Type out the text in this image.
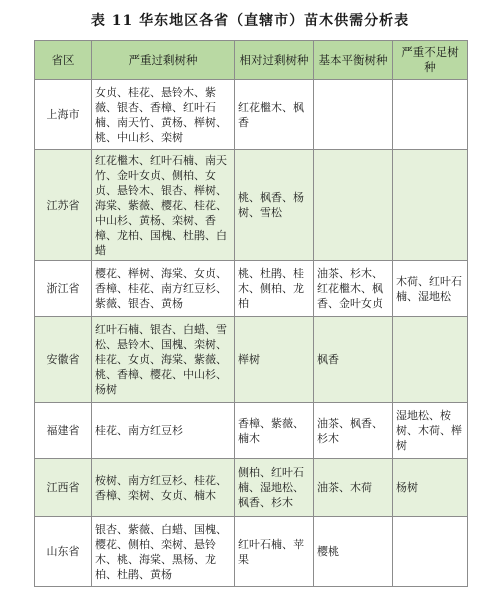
表 11 华东地区各省（直辖市）苗木供需分析表
省区	严重过剩树种	相对过剩树种	基本平衡树种	严重不足树种
上海市	女贞、桂花、悬铃木、紫薇、银杏、香樟、红叶石楠、南天竹、黄杨、榉树、桃、中山杉、栾树	红花檵木、枫香		
江苏省	红花檵木、红叶石楠、南天竹、金叶女贞、侧柏、女贞、悬铃木、银杏、榉树、海棠、紫薇、樱花、桂花、中山杉、黄杨、栾树、香樟、龙柏、国槐、杜鹃、白蜡	桃、枫香、杨树、雪松		
浙江省	樱花、榉树、海棠、女贞、香樟、桂花、南方红豆杉、紫薇、银杏、黄杨	桃、杜鹃、桂木、侧柏、龙柏	油茶、杉木、红花檵木、枫香、金叶女贞	木荷、红叶石楠、湿地松
安徽省	红叶石楠、银杏、白蜡、雪松、悬铃木、国槐、栾树、桂花、女贞、海棠、紫薇、桃、香樟、樱花、中山杉、杨树	榉树	枫香	
福建省	桂花、南方红豆杉	香樟、紫薇、楠木	油茶、枫香、杉木	湿地松、桉树、木荷、榉树
江西省	桉树、南方红豆杉、桂花、香樟、栾树、女贞、楠木	侧柏、红叶石楠、湿地松、枫香、杉木	油茶、木荷	杨树
山东省	银杏、紫薇、白蜡、国槐、樱花、侧柏、栾树、悬铃木、桃、海棠、黑杨、龙柏、杜鹃、黄杨	红叶石楠、苹果	樱桃	
